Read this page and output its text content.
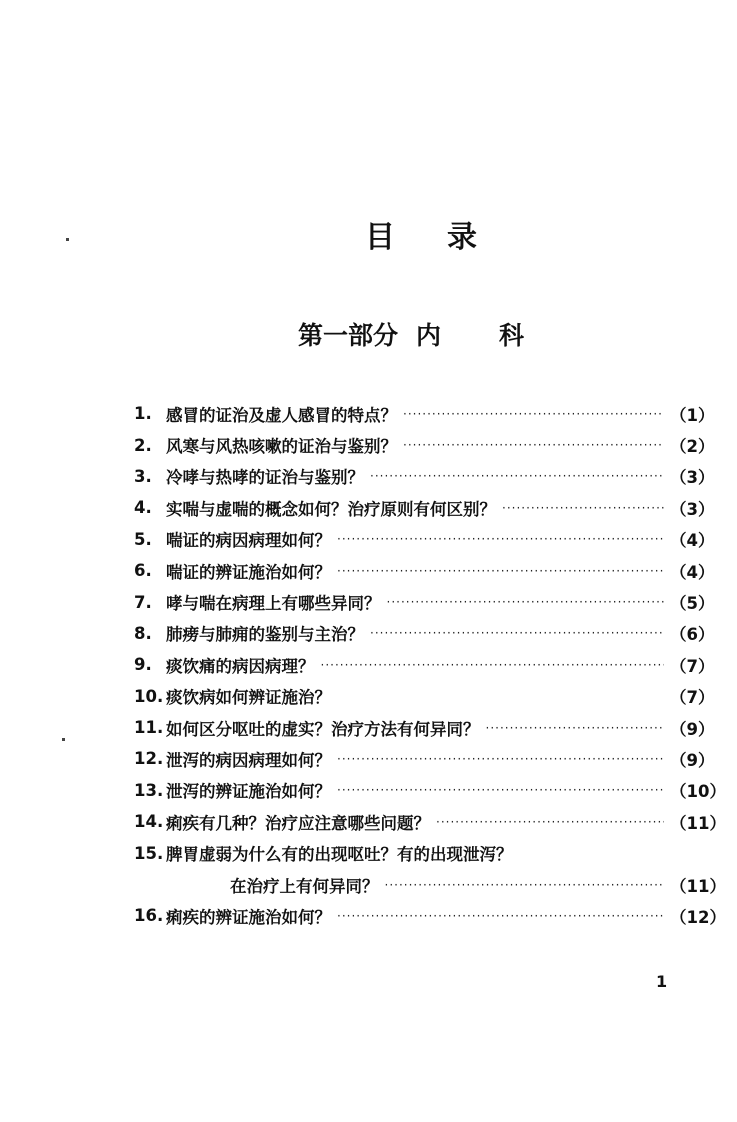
目录
第一部分 内 科
1. 感冒的证治及虚人感冒的特点？ ·····	（1）
2. 风寒与风热咳嗽的证治与鉴别？ ·····	（2）
3. 冷哮与热哮的证治与鉴别？ ·····	（3）
4. 实喘与虚喘的概念如何？治疗原则有何区别？ ·····	（3）
5. 喘证的病因病理如何？ ·····	（4）
6. 喘证的辨证施治如何？ ·····	（4）
7. 哮与喘在病理上有哪些异同？ ·····	（5）
8. 肺痨与肺痈的鉴别与主治？ ·····	（6）
9. 痰饮痛的病因病理？ ·····	（7）
10. 痰饮病如何辨证施治？	（7）
11. 如何区分呕吐的虚实？治疗方法有何异同？ ·····	（9）
12. 泄泻的病因病理如何？ ·····	（9）
13. 泄泻的辨证施治如何？ ·····	（10）
14. 痢疾有几种？治疗应注意哪些问题？ ·····	（11）
15. 脾胃虚弱为什么有的出现呕吐？有的出现泄泻？
在治疗上有何异同？ ·····	（11）
16. 痢疾的辨证施治如何？ ·····	（12）
1
